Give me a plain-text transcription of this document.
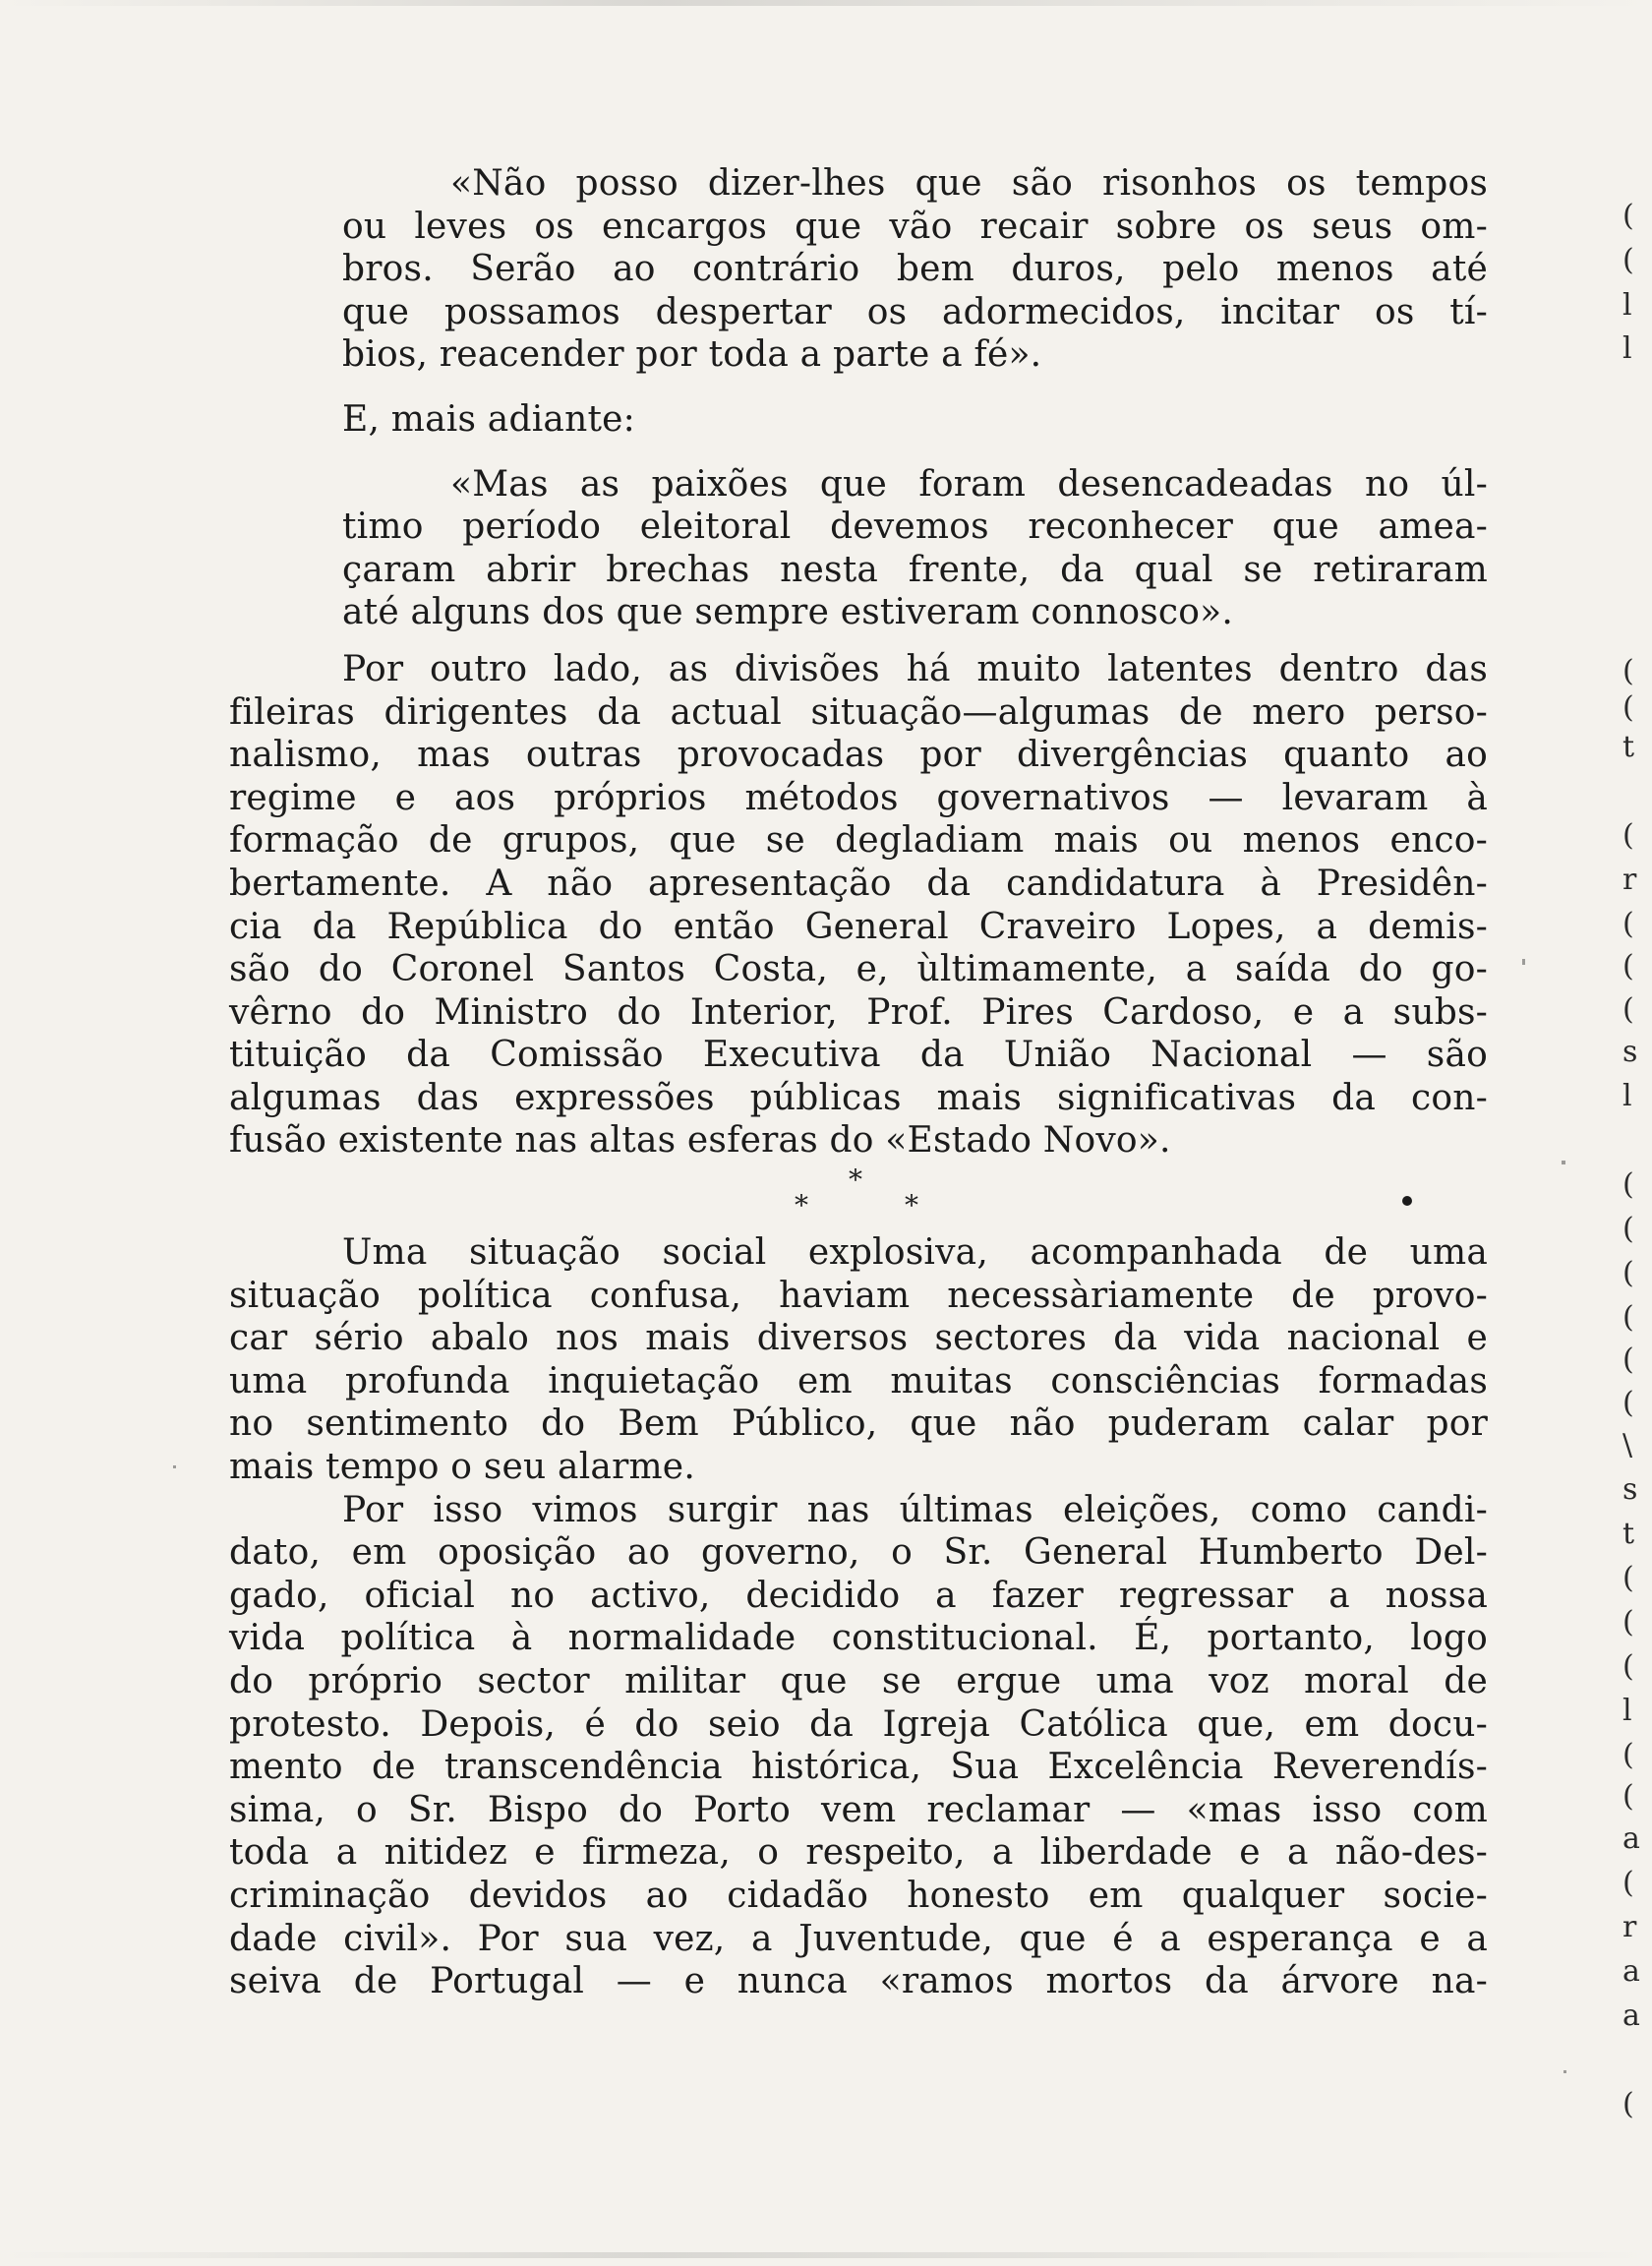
«Não posso dizer-lhes que são risonhos os tempos
ou leves os encargos que vão recair sobre os seus om-
bros. Serão ao contrário bem duros, pelo menos até
que possamos despertar os adormecidos, incitar os tí-
bios, reacender por toda a parte a fé».
E, mais adiante:
«Mas as paixões que foram desencadeadas no úl-
timo período eleitoral devemos reconhecer que amea-
çaram abrir brechas nesta frente, da qual se retiraram
até alguns dos que sempre estiveram connosco».
Por outro lado, as divisões há muito latentes dentro das
fileiras dirigentes da actual situação—algumas de mero perso-
nalismo, mas outras provocadas por divergências quanto ao
regime e aos próprios métodos governativos — levaram à
formação de grupos, que se degladiam mais ou menos enco-
bertamente. A não apresentação da candidatura à Presidên-
cia da República do então General Craveiro Lopes, a demis-
são do Coronel Santos Costa, e, ùltimamente, a saída do go-
vêrno do Ministro do Interior, Prof. Pires Cardoso, e a subs-
tituição da Comissão Executiva da União Nacional — são
algumas das expressões públicas mais significativas da con-
fusão existente nas altas esferas do «Estado Novo».
*
*	*
Uma situação social explosiva, acompanhada de uma
situação política confusa, haviam necessàriamente de provo-
car sério abalo nos mais diversos sectores da vida nacional e
uma profunda inquietação em muitas consciências formadas
no sentimento do Bem Público, que não puderam calar por
mais tempo o seu alarme.
Por isso vimos surgir nas últimas eleições, como candi-
dato, em oposição ao governo, o Sr. General Humberto Del-
gado, oficial no activo, decidido a fazer regressar a nossa
vida política à normalidade constitucional. É, portanto, logo
do próprio sector militar que se ergue uma voz moral de
protesto. Depois, é do seio da Igreja Católica que, em docu-
mento de transcendência histórica, Sua Excelência Reverendís-
sima, o Sr. Bispo do Porto vem reclamar — «mas isso com
toda a nitidez e firmeza, o respeito, a liberdade e a não-des-
criminação devidos ao cidadão honesto em qualquer socie-
dade civil». Por sua vez, a Juventude, que é a esperança e a
seiva de Portugal — e nunca «ramos mortos da árvore na-
(
(
l
l
(
(
t
(
r
(
(
(
s
l
(
(
(
(
(
(
\
s
t
(
(
(
l
(
(
a
(
r
a
a
(
